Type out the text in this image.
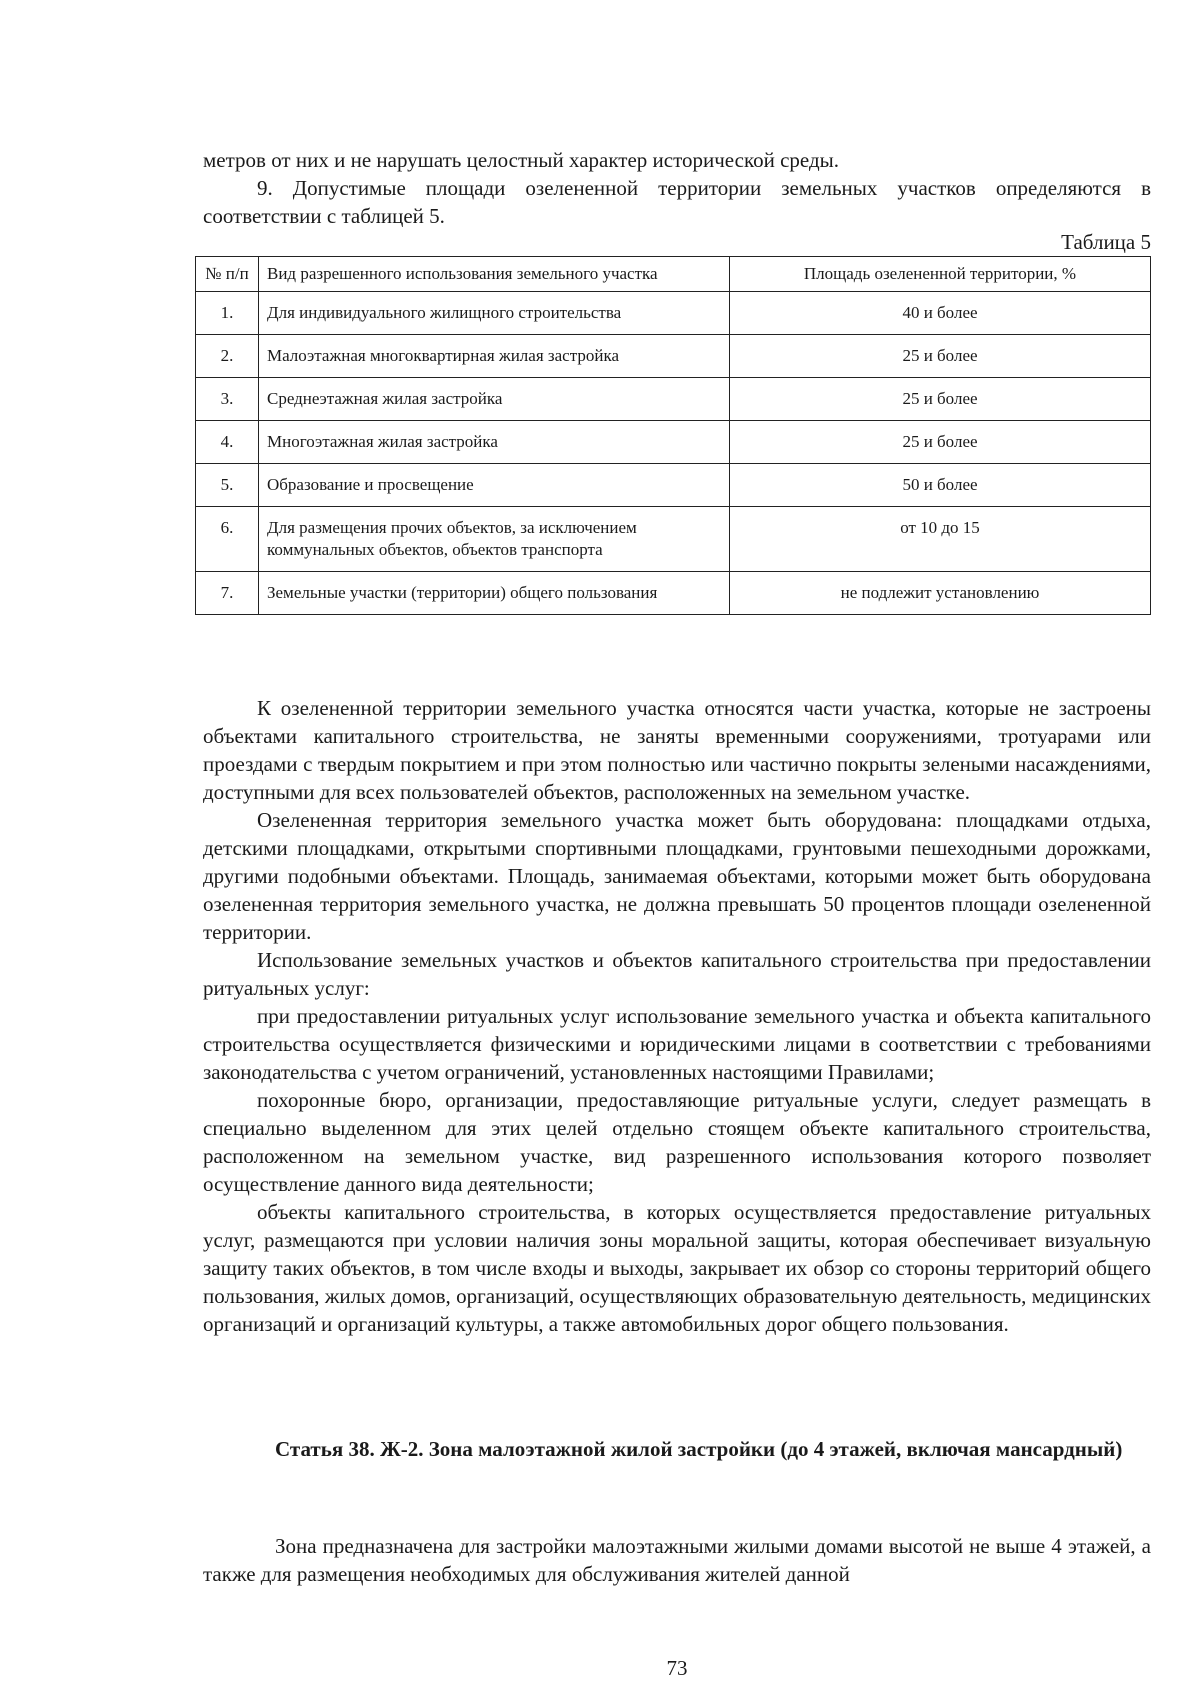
метров от них и не нарушать целостный характер исторической среды.

9. Допустимые площади озелененной территории земельных участков определяются в соответствии с таблицей 5.

Таблица 5
№ п/п	Вид разрешенного использования земельного участка	Площадь озелененной территории, %
1.	Для индивидуального жилищного строительства	40 и более
2.	Малоэтажная многоквартирная жилая застройка	25 и более
3.	Среднеэтажная жилая застройка	25 и более
4.	Многоэтажная жилая застройка	25 и более
5.	Образование и просвещение	50 и более
6.	Для размещения прочих объектов, за исключением коммунальных объектов, объектов транспорта	от 10 до 15
7.	Земельные участки (территории) общего пользования	не подлежит установлению

К озелененной территории земельного участка относятся части участка, которые не застроены объектами капитального строительства, не заняты временными сооружениями, тротуарами или проездами с твердым покрытием и при этом полностью или частично покрыты зелеными насаждениями, доступными для всех пользователей объектов, расположенных на земельном участке.

Озелененная территория земельного участка может быть оборудована: площадками отдыха, детскими площадками, открытыми спортивными площадками, грунтовыми пешеходными дорожками, другими подобными объектами. Площадь, занимаемая объектами, которыми может быть оборудована озелененная территория земельного участка, не должна превышать 50 процентов площади озелененной территории.

Использование земельных участков и объектов капитального строительства при предоставлении ритуальных услуг:

при предоставлении ритуальных услуг использование земельного участка и объекта капитального строительства осуществляется физическими и юридическими лицами в соответствии с требованиями законодательства с учетом ограничений, установленных настоящими Правилами;

похоронные бюро, организации, предоставляющие ритуальные услуги, следует размещать в специально выделенном для этих целей отдельно стоящем объекте капитального строительства, расположенном на земельном участке, вид разрешенного использования которого позволяет осуществление данного вида деятельности;

объекты капитального строительства, в которых осуществляется предоставление ритуальных услуг, размещаются при условии наличия зоны моральной защиты, которая обеспечивает визуальную защиту таких объектов, в том числе входы и выходы, закрывает их обзор со стороны территорий общего пользования, жилых домов, организаций, осуществляющих образовательную деятельность, медицинских организаций и организаций культуры, а также автомобильных дорог общего пользования.

Статья 38. Ж-2. Зона малоэтажной жилой застройки (до 4 этажей, включая мансардный)

Зона предназначена для застройки малоэтажными жилыми домами высотой не выше 4 этажей, а также для размещения необходимых для обслуживания жителей данной

73
